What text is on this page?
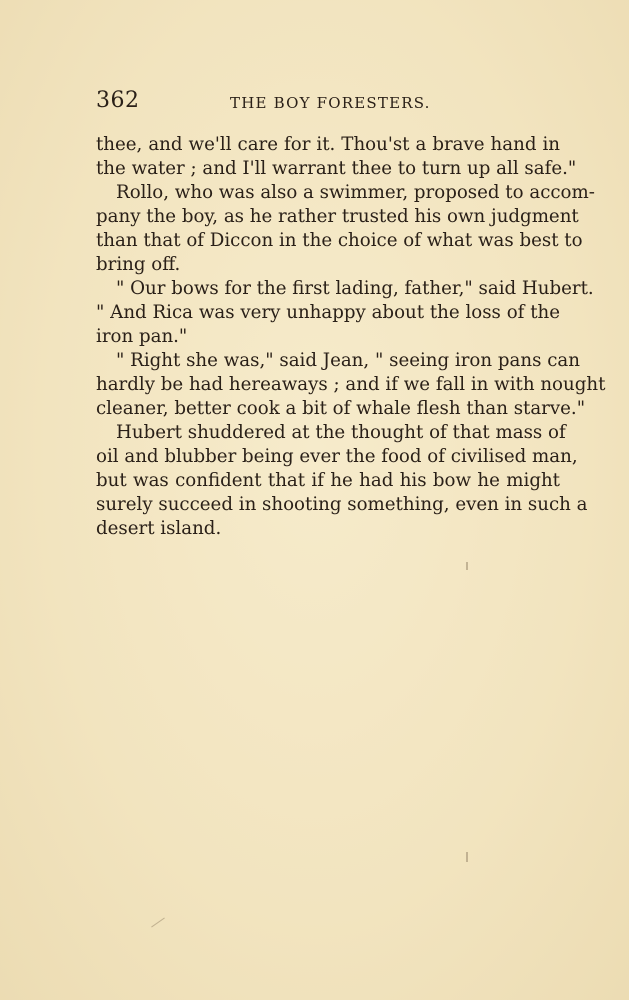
362	THE BOY FORESTERS.
thee, and we'll care for it. Thou'st a brave hand in
the water ; and I'll warrant thee to turn up all safe."
Rollo, who was also a swimmer, proposed to accom-
pany the boy, as he rather trusted his own judgment
than that of Diccon in the choice of what was best to
bring off.
" Our bows for the first lading, father," said Hubert.
" And Rica was very unhappy about the loss of the
iron pan."
" Right she was," said Jean, " seeing iron pans can
hardly be had hereaways ; and if we fall in with nought
cleaner, better cook a bit of whale flesh than starve."
Hubert shuddered at the thought of that mass of
oil and blubber being ever the food of civilised man,
but was confident that if he had his bow he might
surely succeed in shooting something, even in such a
desert island.
